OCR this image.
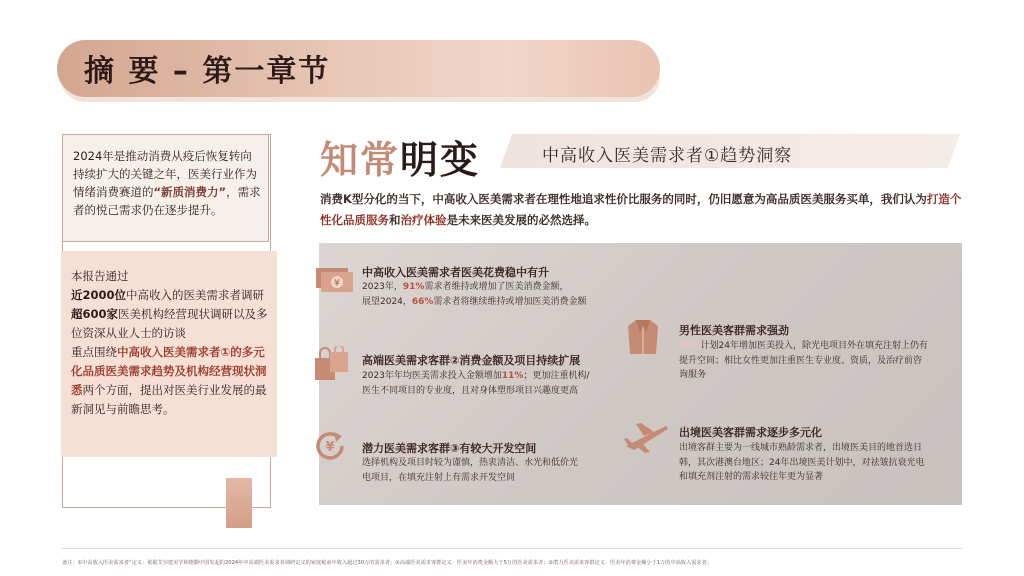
摘 要 – 第一章节
2024年是推动消费从疫后恢复转向持续扩大的关键之年，医美行业作为情绪消费赛道的“新质消费力”，需求者的悦己需求仍在逐步提升。
本报告通过
近2000位中高收入的医美需求者调研
超600家医美机构经营现状调研以及多位资深从业人士的访谈
重点围绕中高收入医美需求者①的多元化品质医美需求趋势及机构经营现状洞悉两个方面，提出对医美行业发展的最新洞见与前瞻思考。
知常明变	中高收入医美需求者①趋势洞察
消费K型分化的当下，中高收入医美需求者在理性地追求性价比服务的同时，仍旧愿意为高品质医美服务买单，我们认为打造个性化品质服务和治疗体验是未来医美发展的必然选择。
¥
中高收入医美需求者医美花费稳中有升
2023年，91%需求者维持或增加了医美消费金额，
展望2024，66%需求者将继续维持或增加医美消费金额
高端医美需求客群②消费金额及项目持续扩展
2023年年均医美需求投入金额增加11%；更加注重机构/
医生不同项目的专业度，且对身体塑形项目兴趣度更高
¥ 潜力医美需求客群③有较大开发空间
选择机构及项目时较为谨慎，热衷清洁、水光和低价光
电项目，在填充注射上有需求开发空间
男性医美客群需求强劲
40%计划24年增加医美投入，除光电项目外在填充注射上仍有
提升空间；相比女性更加注重医生专业度、资质，及治疗前咨
询服务
出境医美客群需求逐步多元化
出境客群主要为一线城市熟龄需求者，出境医美目的地首选日
韩，其次港澳台地区；24年出境医美计划中，对祛皱抗衰光电
和填充剂注射的需求较往年更为显著
备注：①中高收入医美需求者“定义：依据艾尔建美学和德勤中国发起的2024年中高端医美需求者调研定义的家庭税前年收入超过30万的需求者；②高端医美需求客群定义：医美年消费金额大于5万的医美需求者；③潜力医美需求客群定义：医美年消费金额小于1万的中高收入需求者；
